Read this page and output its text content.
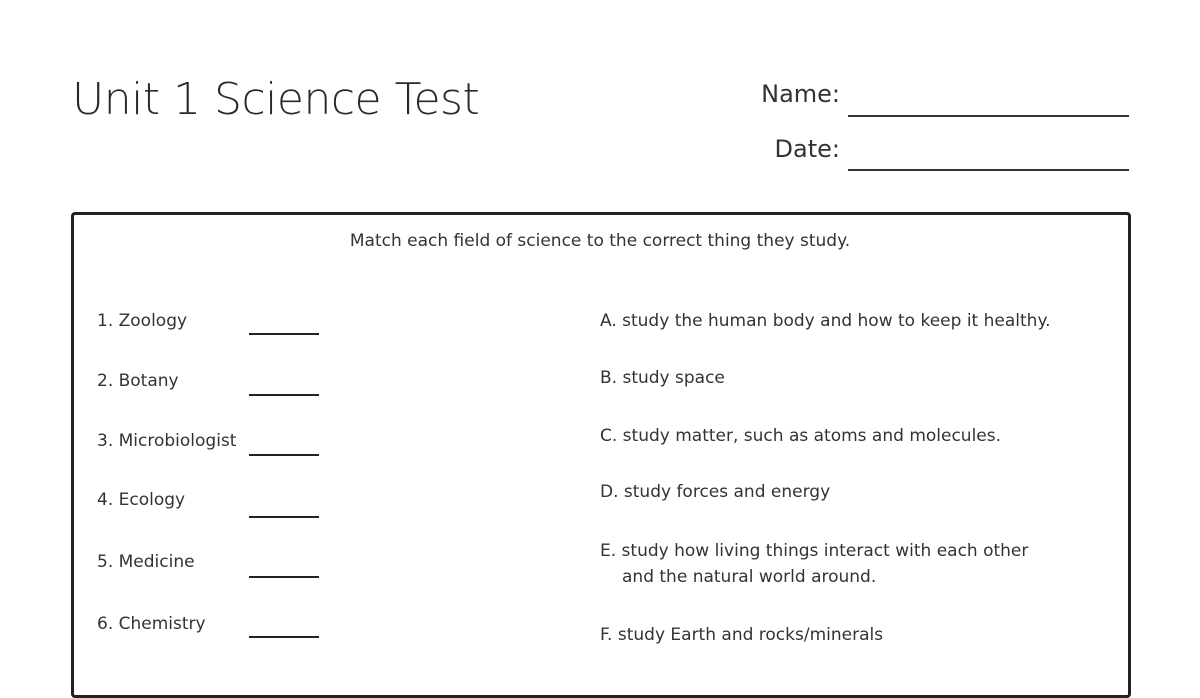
Unit 1 Science Test	Name:
Date:
Match each field of science to the correct thing they study.
1. Zoology
2. Botany
3. Microbiologist
4. Ecology
5. Medicine
6. Chemistry
A. study the human body and how to keep it healthy.
B. study space
C. study matter, such as atoms and molecules.
D. study forces and energy
E. study how living things interact with each other
and the natural world around.
F. study Earth and rocks/minerals
